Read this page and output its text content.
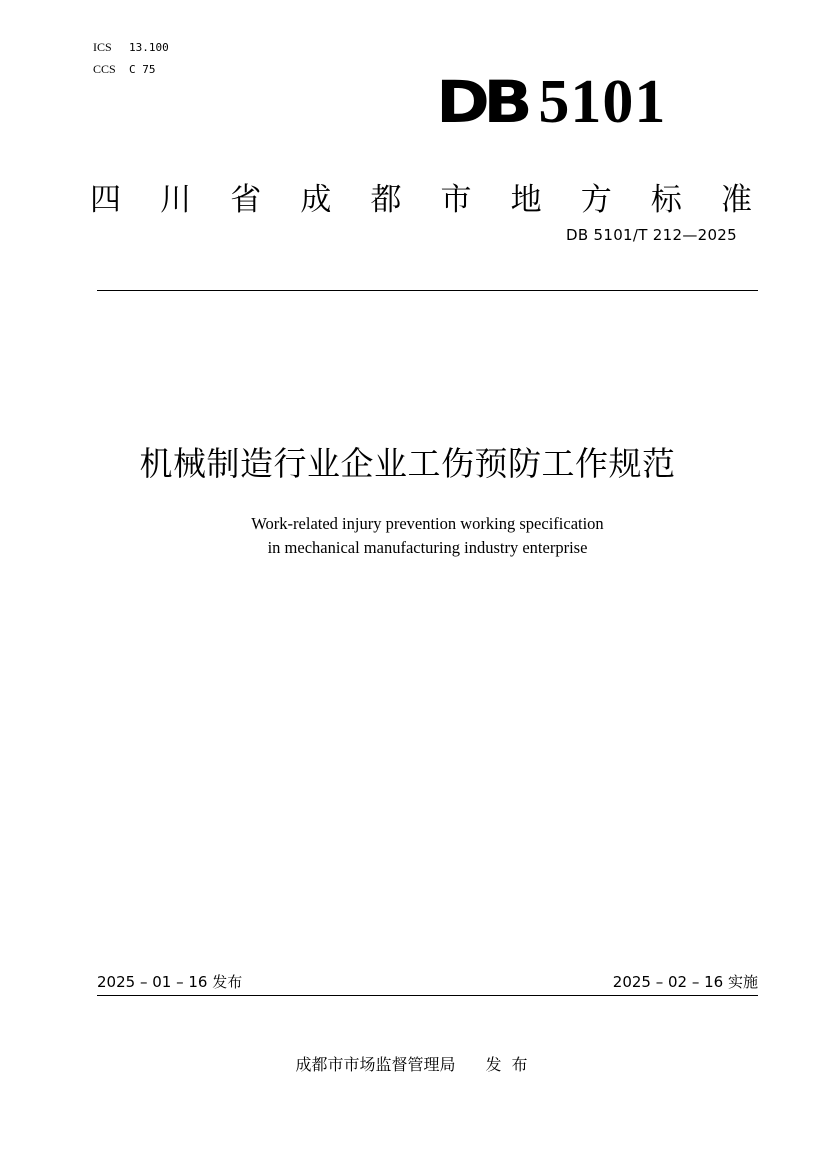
ICS 13.100
CCS C 75	DB 5101
四 川 省 成 都 市 地 方 标 准
DB 5101/T 212—2025
机械制造行业企业工伤预防工作规范
Work-related injury prevention working specification
in mechanical manufacturing industry enterprise
2025 – 01 – 16 发布	2025 – 02 – 16 实施
成都市市场监督管理局 发布
